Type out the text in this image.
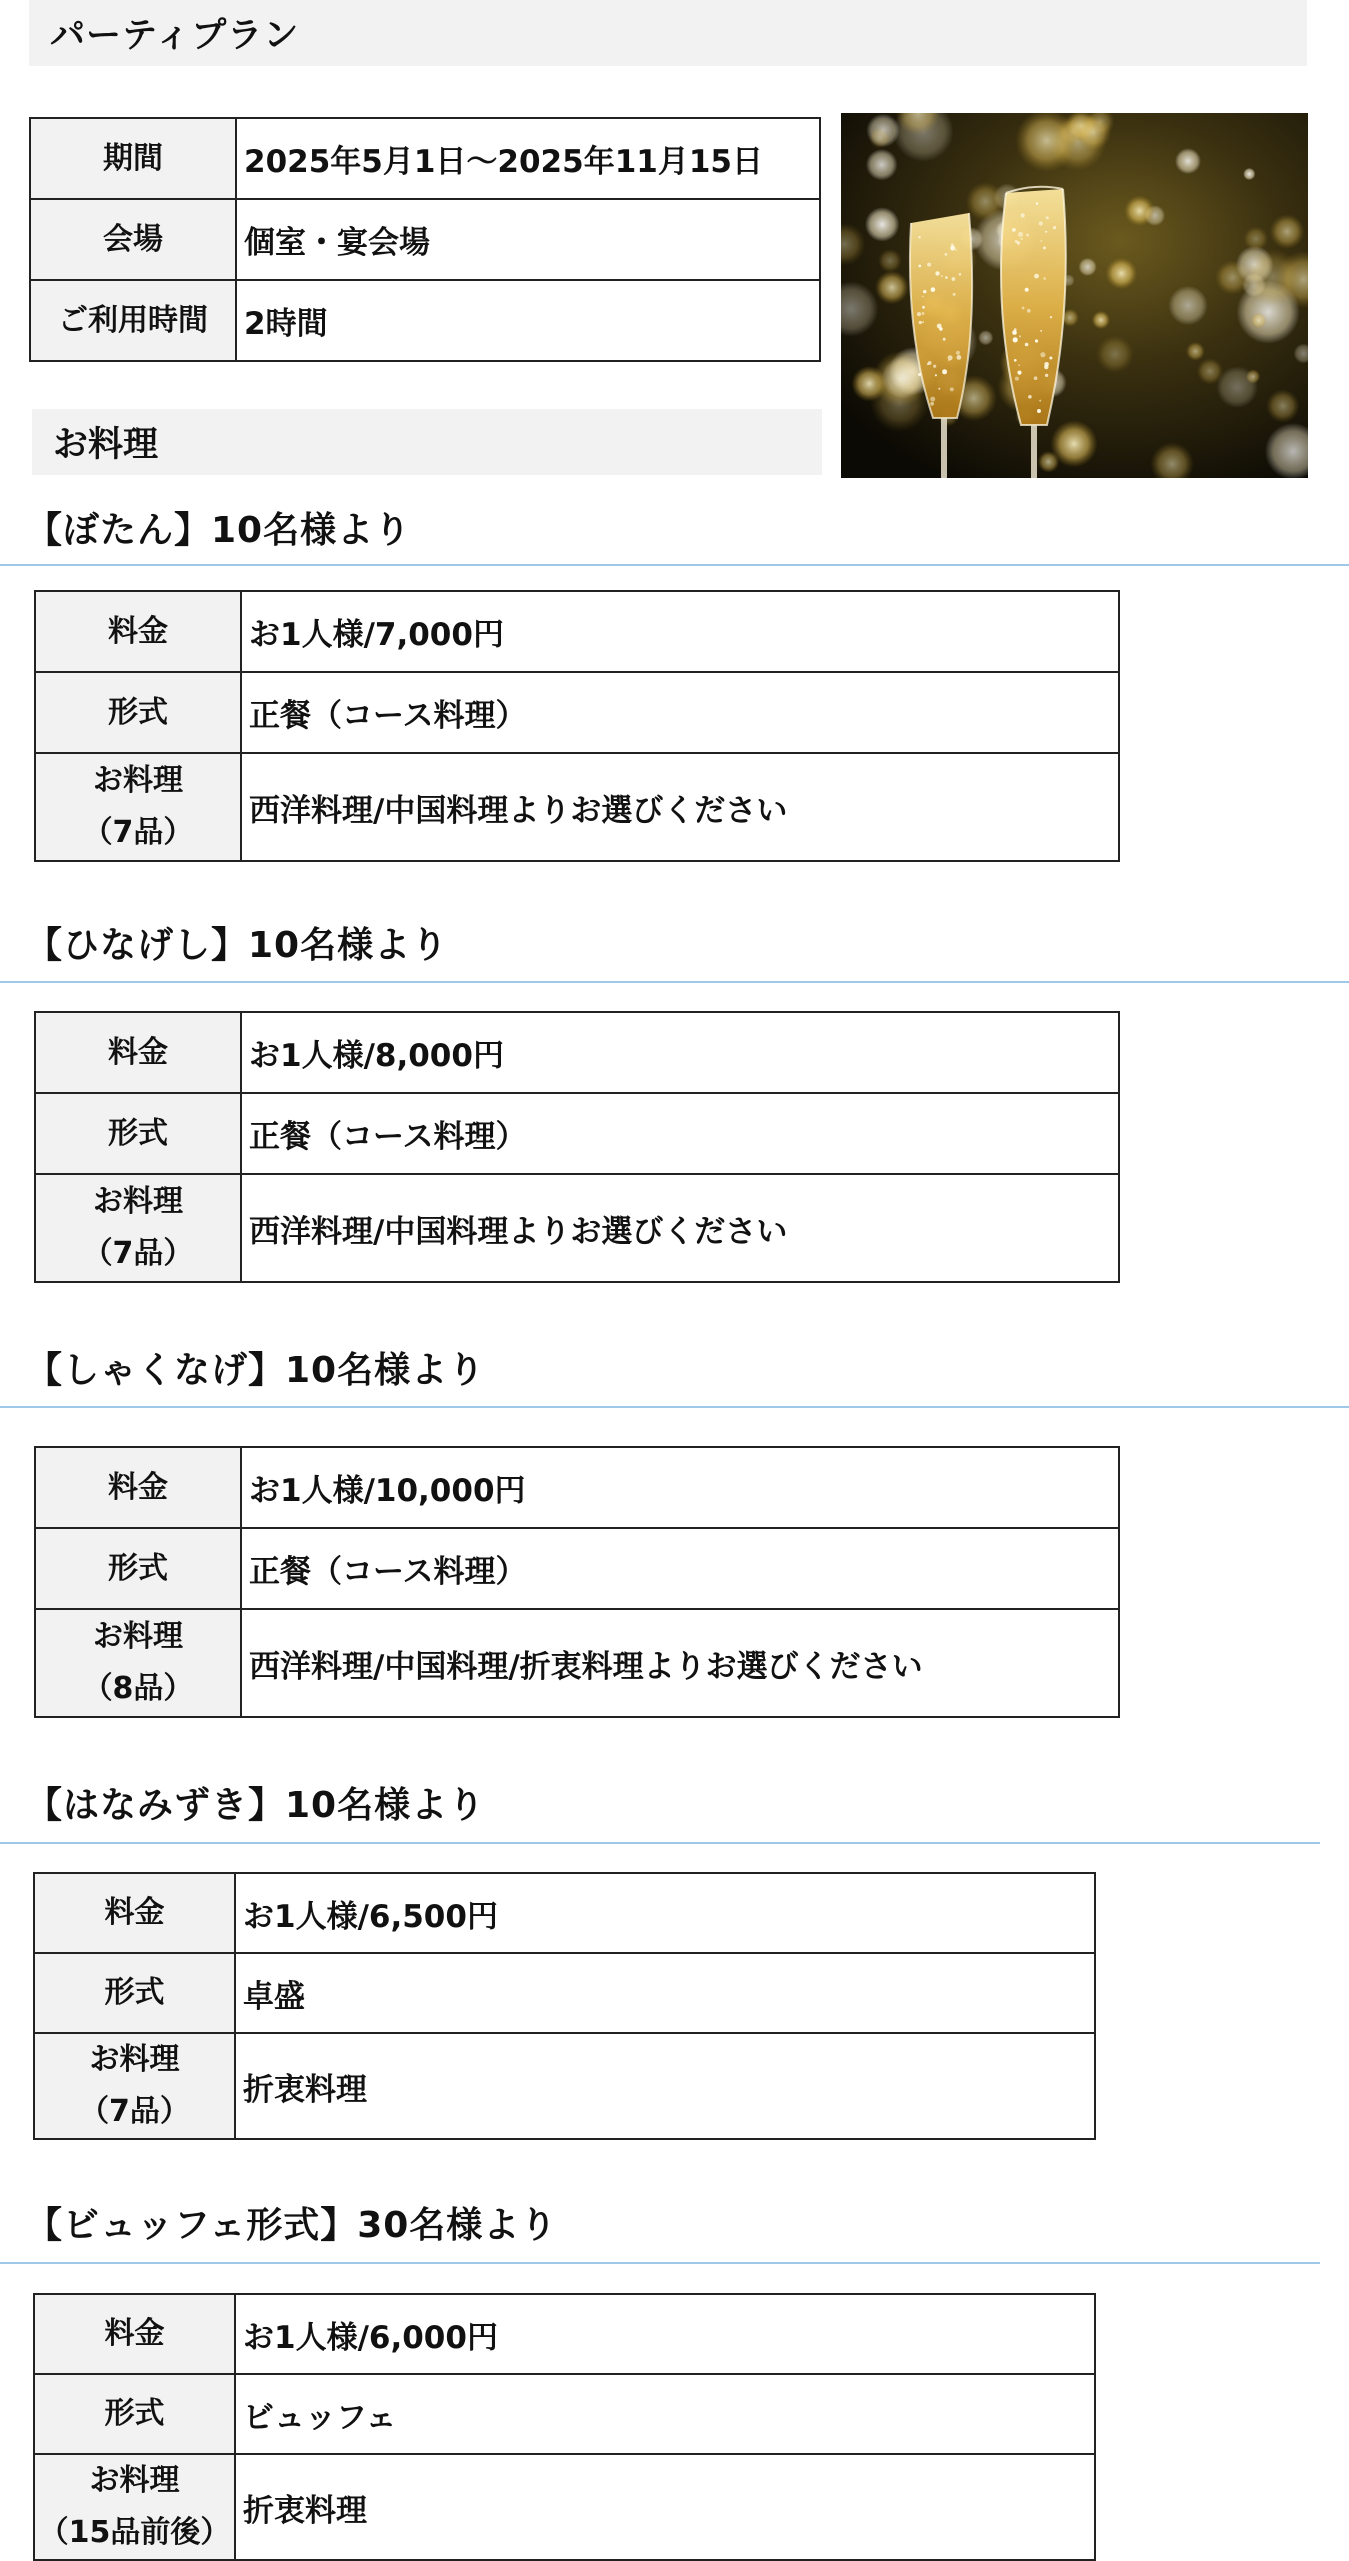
パーティプラン
期間	2025年5月1日～2025年11月15日
会場	個室・宴会場
ご利用時間	2時間
お料理
【ぼたん】10名様より
料金	お1人様/7,000円
形式	正餐（コース料理）

お料理
（7品）	西洋料理/中国料理よりお選びください
【ひなげし】10名様より
料金	お1人様/8,000円
形式	正餐（コース料理）

お料理
（7品）	西洋料理/中国料理よりお選びください
【しゃくなげ】10名様より
料金	お1人様/10,000円
形式	正餐（コース料理）

お料理
（8品）	西洋料理/中国料理/折衷料理よりお選びください
【はなみずき】10名様より
料金	お1人様/6,500円
形式	卓盛

お料理
（7品）	折衷料理
【ビュッフェ形式】30名様より
料金	お1人様/6,000円
形式	ビュッフェ

お料理
（15品前後）	折衷料理
